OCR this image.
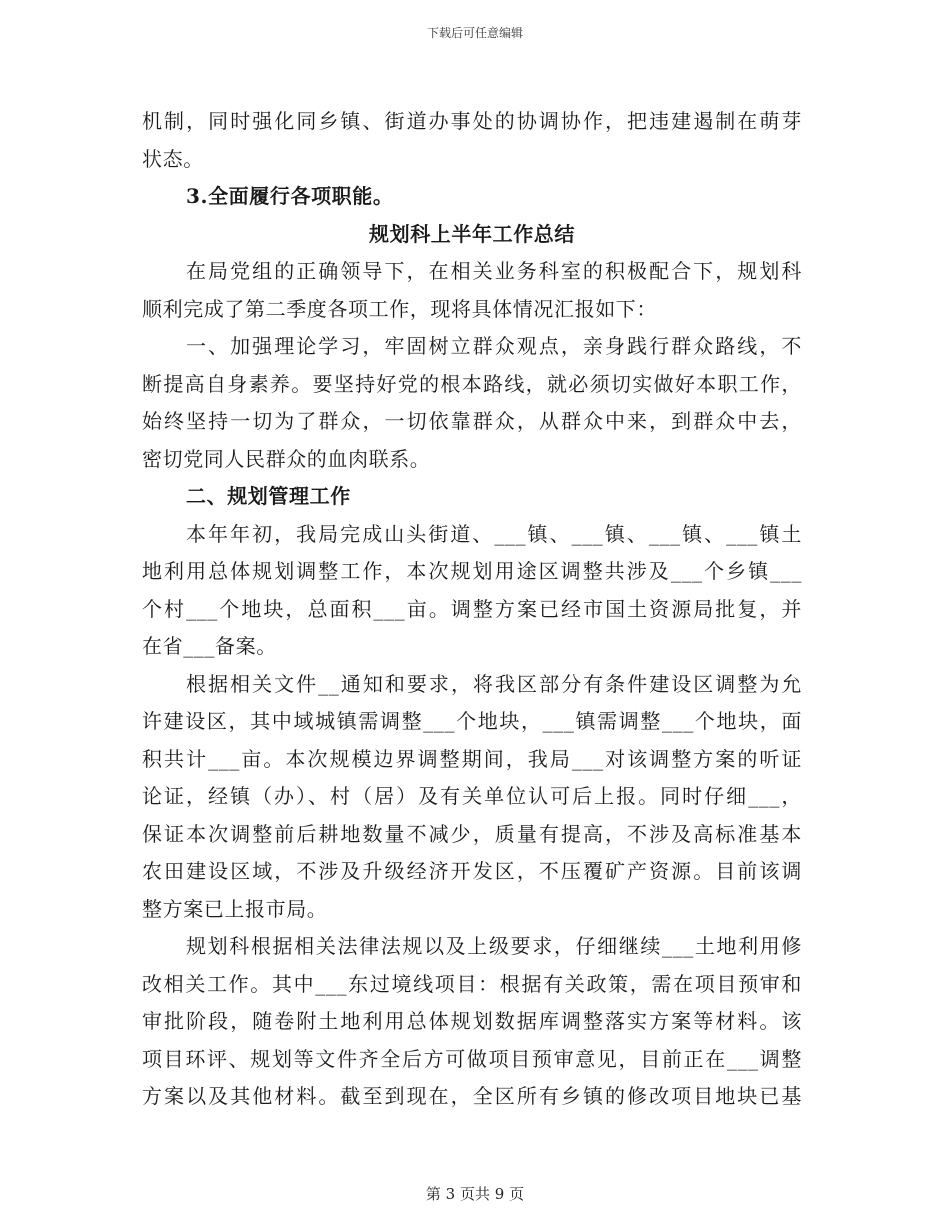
下载后可任意编辑
机制，同时强化同乡镇、街道办事处的协调协作，把违建遏制在萌芽
状态。
3.全面履行各项职能。
规划科上半年工作总结
在局党组的正确领导下，在相关业务科室的积极配合下，规划科
顺利完成了第二季度各项工作，现将具体情况汇报如下：
一、加强理论学习，牢固树立群众观点，亲身践行群众路线，不
断提高自身素养。要坚持好党的根本路线，就必须切实做好本职工作，
始终坚持一切为了群众，一切依靠群众，从群众中来，到群众中去，
密切党同人民群众的血肉联系。
二、规划管理工作
本年年初，我局完成山头街道、___镇、___镇、___镇、___镇土
地利用总体规划调整工作，本次规划用途区调整共涉及___个乡镇___
个村___个地块，总面积___亩。调整方案已经市国土资源局批复，并
在省___备案。
根据相关文件__通知和要求，将我区部分有条件建设区调整为允
许建设区，其中域城镇需调整___个地块，___镇需调整___个地块，面
积共计___亩。本次规模边界调整期间，我局___对该调整方案的听证
论证，经镇（办）、村（居）及有关单位认可后上报。同时仔细___，
保证本次调整前后耕地数量不减少，质量有提高，不涉及高标准基本
农田建设区域，不涉及升级经济开发区，不压覆矿产资源。目前该调
整方案已上报市局。
规划科根据相关法律法规以及上级要求，仔细继续___土地利用修
改相关工作。其中___东过境线项目：根据有关政策，需在项目预审和
审批阶段，随卷附土地利用总体规划数据库调整落实方案等材料。该
项目环评、规划等文件齐全后方可做项目预审意见，目前正在___调整
方案以及其他材料。截至到现在，全区所有乡镇的修改项目地块已基
第 3 页共 9 页
